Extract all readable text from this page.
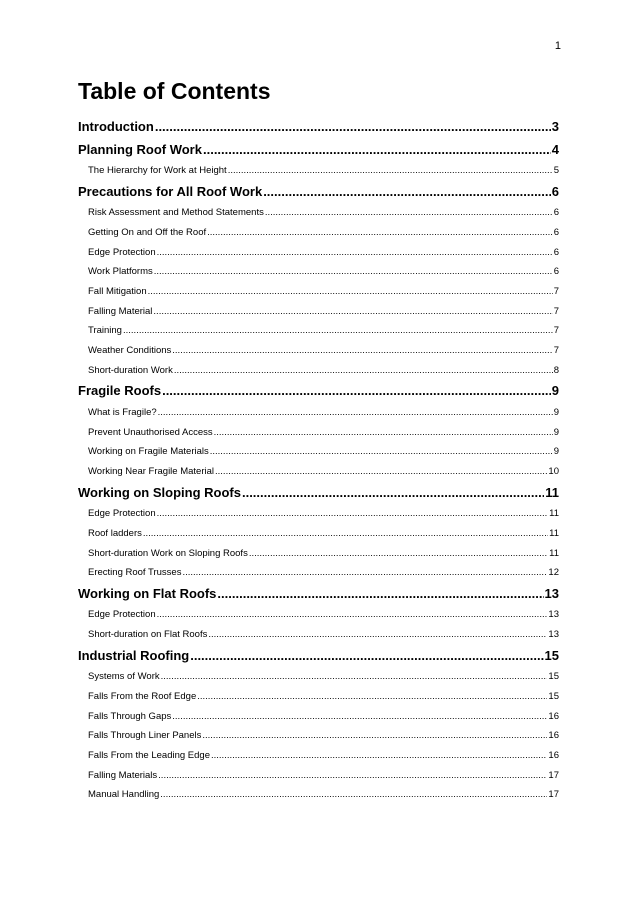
1
Table of Contents
Introduction .....	3
Planning Roof Work .....	4
The Hierarchy for Work at Height .....	5
Precautions for All Roof Work .....	6
Risk Assessment and Method Statements .....	6
Getting On and Off the Roof .....	6
Edge Protection .....	6
Work Platforms .....	6
Fall Mitigation .....	7
Falling Material .....	7
Training .....	7
Weather Conditions .....	7
Short-duration Work .....	8
Fragile Roofs .....	9
What is Fragile? .....	9
Prevent Unauthorised Access .....	9
Working on Fragile Materials .....	9
Working Near Fragile Material .....	10
Working on Sloping Roofs .....	11
Edge Protection .....	11
Roof ladders .....	11
Short-duration Work on Sloping Roofs .....	11
Erecting Roof Trusses .....	12
Working on Flat Roofs .....	13
Edge Protection .....	13
Short-duration on Flat Roofs .....	13
Industrial Roofing .....	15
Systems of Work .....	15
Falls From the Roof Edge .....	15
Falls Through Gaps .....	16
Falls Through Liner Panels .....	16
Falls From the Leading Edge .....	16
Falling Materials .....	17
Manual Handling .....	17
